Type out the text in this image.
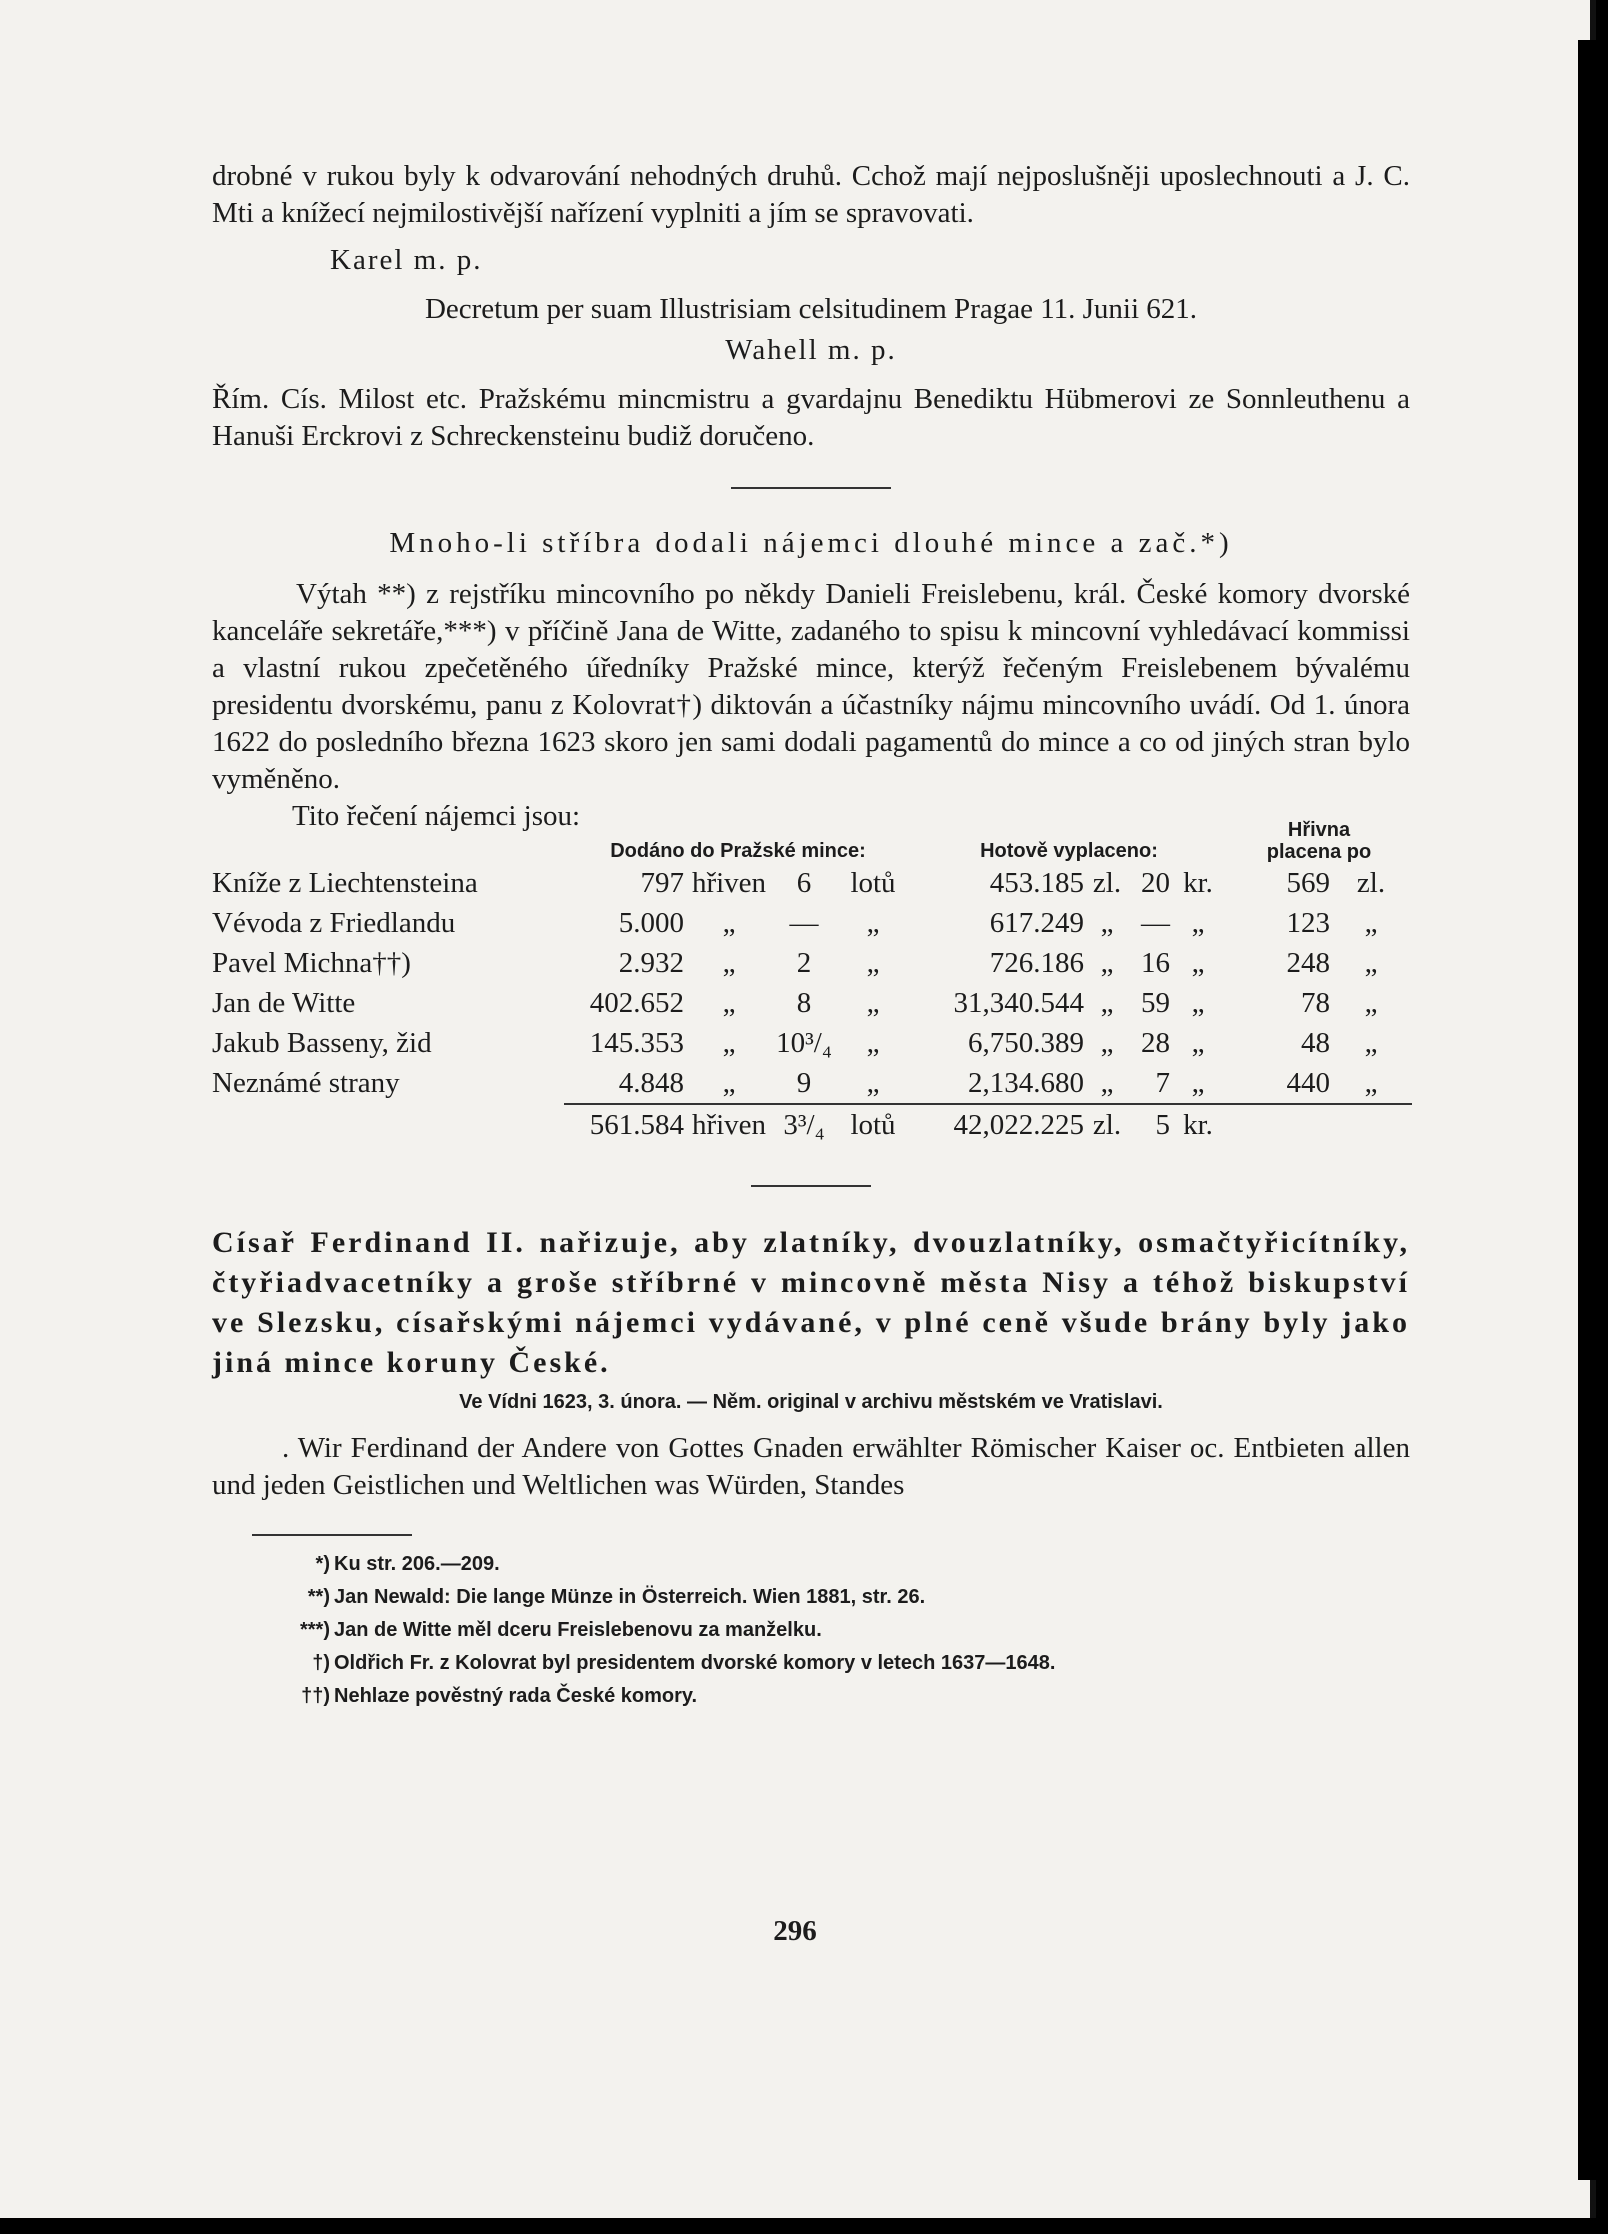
drobné v rukou byly k odvarování nehodných druhů. Cchož mají nejposlušněji uposlechnouti a J. C. Mti a knížecí nejmilostivější nařízení vyplniti a jím se spravovati.

Karel m. p.

Decretum per suam Illustrisiam celsitudinem Pragae 11. Junii 621.

Wahell m. p.

Řím. Cís. Milost etc. Pražskému mincmistru a gvardajnu Benediktu Hübmerovi ze Sonnleuthenu a Hanuši Erckrovi z Schreckensteinu budiž doručeno.

Mnoho-li stříbra dodali nájemci dlouhé mince a zač.*)

Výtah **) z rejstříku mincovního po někdy Danieli Freislebenu, král. České komory dvorské kanceláře sekretáře,***) v příčině Jana de Witte, zadaného to spisu k mincovní vyhledávací kommissi a vlastní rukou zpečetěného úředníky Pražské mince, kterýž řečeným Freislebenem bývalému presidentu dvorskému, panu z Kolovrat†) diktován a účastníky nájmu mincovního uvádí. Od 1. února 1622 do posledního března 1623 skoro jen sami dodali pagamentů do mince a co od jiných stran bylo vyměněno.

Tito řečení nájemci jsou:

	Dodáno do Pražské mince:				Hotově vyplaceno:				Hřivna
placena po	
Kníže z Liechtensteina	797	hřiven	6	lotů	453.185	zl.	20	kr.	569	zl.
Vévoda z Friedlandu	5.000	„	—	„	617.249	„	—	„	123	„
Pavel Michna††)	2.932	„	2	„	726.186	„	16	„	248	„
Jan de Witte	402.652	„	8	„	31,340.544	„	59	„	78	„
Jakub Basseny, žid	145.353	„	10³/₄	„	6,750.389	„	28	„	48	„
Neznámé strany	4.848	„	9	„	2,134.680	„	7	„	440	„
	561.584	hřiven	3³/₄	lotů	42,022.225	zl.	5	kr.		

Císař Ferdinand II. nařizuje, aby zlatníky, dvouzlatníky, osmačtyřicítníky, čtyřiadvacetníky a groše stříbrné v mincovně města Nisy a téhož biskupství ve Slezsku, císařskými nájemci vydávané, v plné ceně všude brány byly jako jiná mince koruny České.

Ve Vídni 1623, 3. února. — Něm. original v archivu městském ve Vratislavi.

. Wir Ferdinand der Andere von Gottes Gnaden erwählter Römischer Kaiser oc. Entbieten allen und jeden Geistlichen und Weltlichen was Würden, Standes

*) Ku str. 206.—209.

**) Jan Newald: Die lange Münze in Österreich. Wien 1881, str. 26.

***) Jan de Witte měl dceru Freislebenovu za manželku.

†) Oldřich Fr. z Kolovrat byl presidentem dvorské komory v letech 1637—1648.

††) Nehlaze pověstný rada České komory.

296
